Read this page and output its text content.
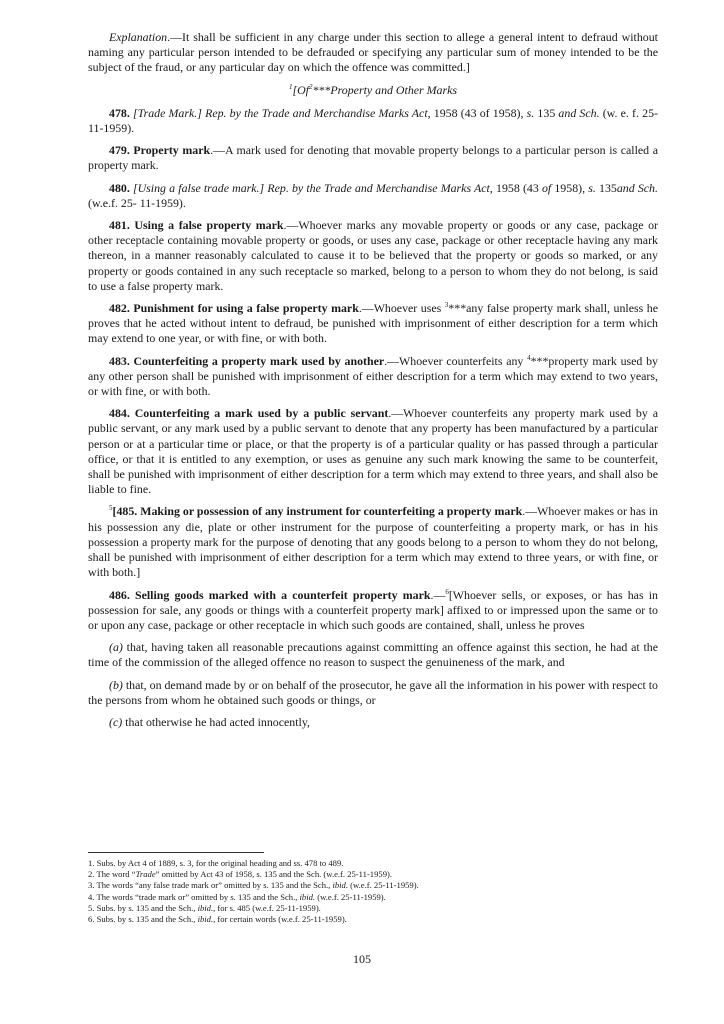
Explanation.—It shall be sufficient in any charge under this section to allege a general intent to defraud without naming any particular person intended to be defrauded or specifying any particular sum of money intended to be the subject of the fraud, or any particular day on which the offence was committed.]

$^1$[Of$^2$***Property and Other Marks

478. [Trade Mark.] Rep. by the Trade and Merchandise Marks Act, 1958 (43 of 1958), s. 135 and Sch. (w. e. f. 25-11-1959).

479. Property mark.—A mark used for denoting that movable property belongs to a particular person is called a property mark.

480. [Using a false trade mark.] Rep. by the Trade and Merchandise Marks Act, 1958 (43 of 1958), s. 135and Sch. (w.e.f. 25- 11-1959).

481. Using a false property mark.—Whoever marks any movable property or goods or any case, package or other receptacle containing movable property or goods, or uses any case, package or other receptacle having any mark thereon, in a manner reasonably calculated to cause it to be believed that the property or goods so marked, or any property or goods contained in any such receptacle so marked, belong to a person to whom they do not belong, is said to use a false property mark.

482. Punishment for using a false property mark.—Whoever uses $^3$***any false property mark shall, unless he proves that he acted without intent to defraud, be punished with imprisonment of either description for a term which may extend to one year, or with fine, or with both.

483. Counterfeiting a property mark used by another.—Whoever counterfeits any $^4$***property mark used by any other person shall be punished with imprisonment of either description for a term which may extend to two years, or with fine, or with both.

484. Counterfeiting a mark used by a public servant.—Whoever counterfeits any property mark used by a public servant, or any mark used by a public servant to denote that any property has been manufactured by a particular person or at a particular time or place, or that the property is of a particular quality or has passed through a particular office, or that it is entitled to any exemption, or uses as genuine any such mark knowing the same to be counterfeit, shall be punished with imprisonment of either description for a term which may extend to three years, and shall also be liable to fine.

$^5$[485. Making or possession of any instrument for counterfeiting a property mark.—Whoever makes or has in his possession any die, plate or other instrument for the purpose of counterfeiting a property mark, or has in his possession a property mark for the purpose of denoting that any goods belong to a person to whom they do not belong, shall be punished with imprisonment of either description for a term which may extend to three years, or with fine, or with both.]

486. Selling goods marked with a counterfeit property mark.—$^6$[Whoever sells, or exposes, or has has in possession for sale, any goods or things with a counterfeit property mark] affixed to or impressed upon the same or to or upon any case, package or other receptacle in which such goods are contained, shall, unless he proves

(a) that, having taken all reasonable precautions against committing an offence against this section, he had at the time of the commission of the alleged offence no reason to suspect the genuineness of the mark, and

(b) that, on demand made by or on behalf of the prosecutor, he gave all the information in his power with respect to the persons from whom he obtained such goods or things, or

(c) that otherwise he had acted innocently,

1. Subs. by Act 4 of 1889, s. 3, for the original heading and ss. 478 to 489.

2. The word “Trade” omitted by Act 43 of 1958, s. 135 and the Sch. (w.e.f. 25-11-1959).

3. The words “any false trade mark or” omitted by s. 135 and the Sch., ibid. (w.e.f. 25-11-1959).

4. The words “trade mark or” omitted by s. 135 and the Sch., ibid. (w.e.f. 25-11-1959).

5. Subs. by s. 135 and the Sch., ibid., for s. 485 (w.e.f. 25-11-1959).

6. Subs. by s. 135 and the Sch., ibid., for certain words (w.e.f. 25-11-1959).

105
